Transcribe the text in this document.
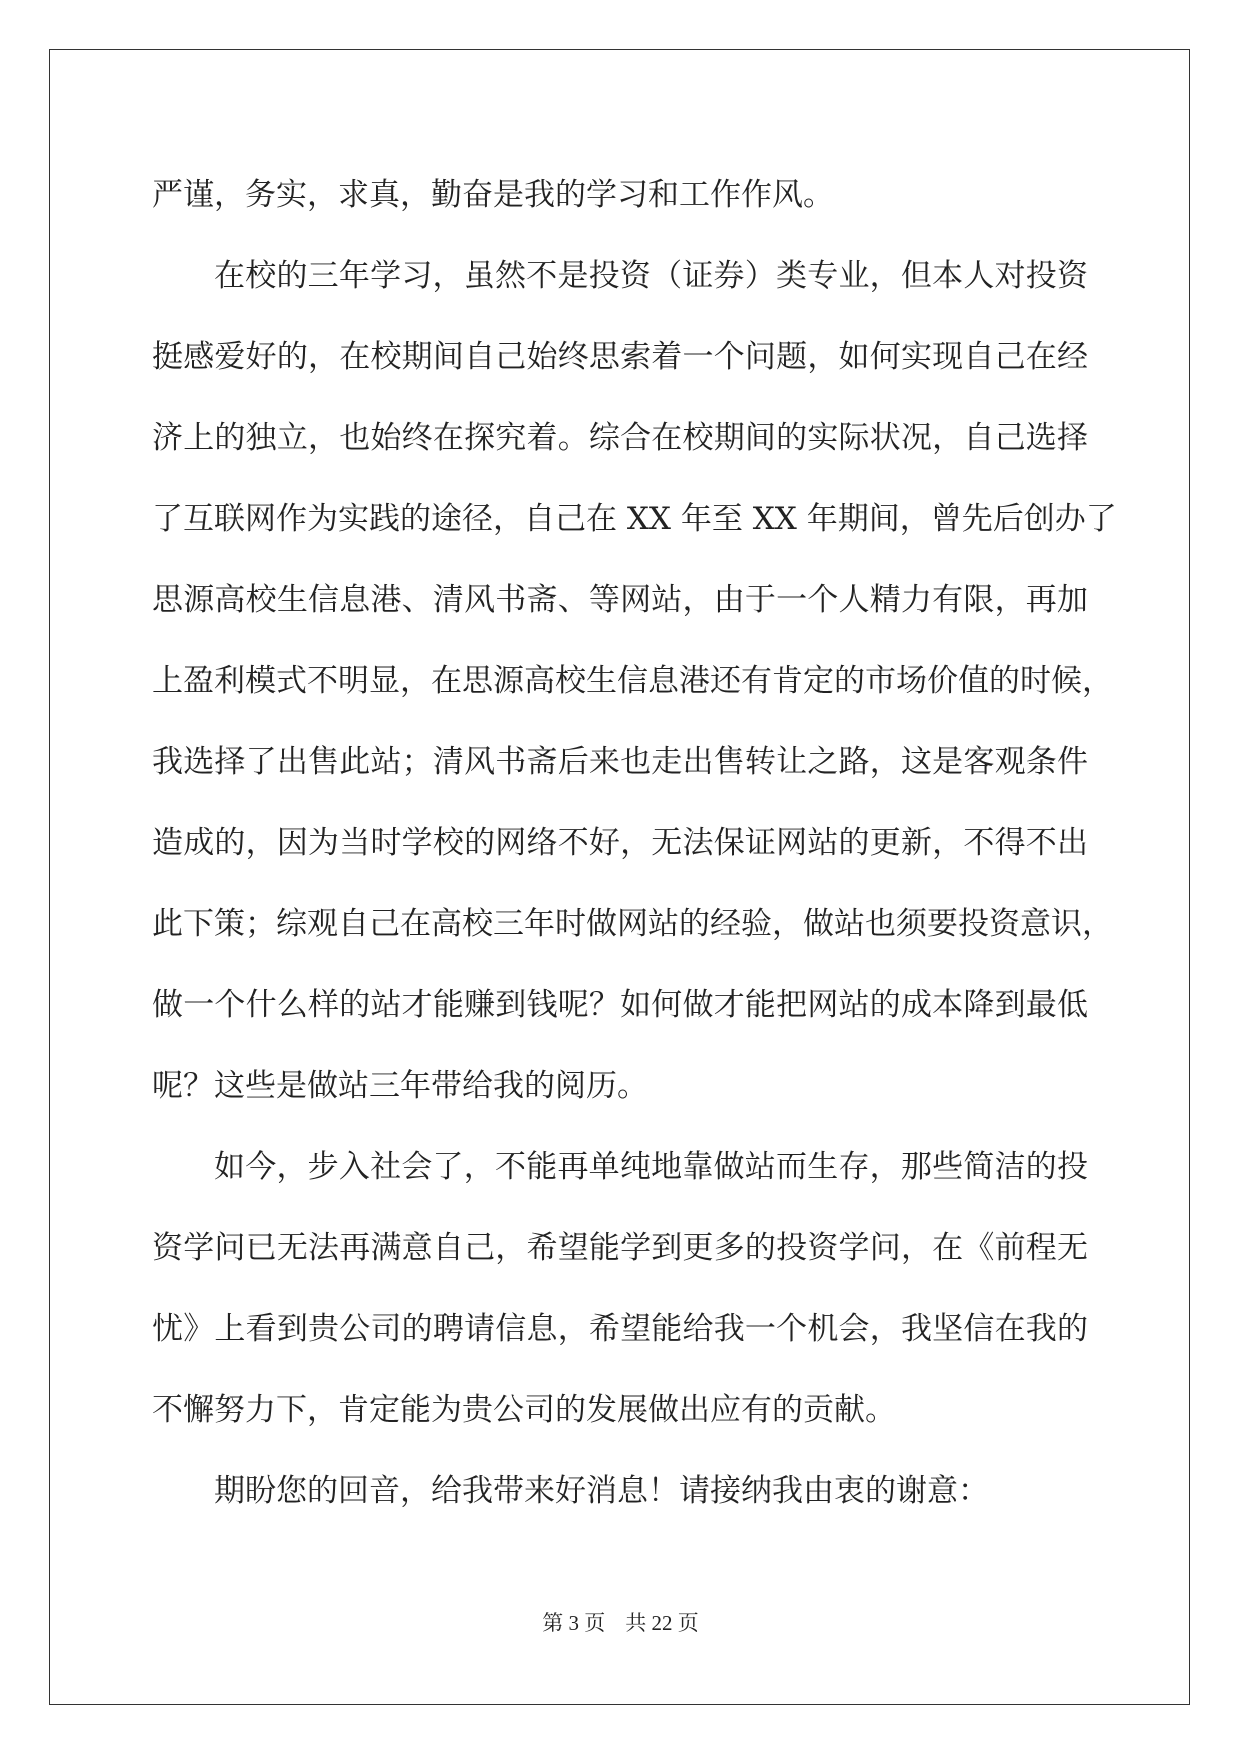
严谨，务实，求真，勤奋是我的学习和工作作风。
在校的三年学习，虽然不是投资（证券）类专业，但本人对投资
挺感爱好的，在校期间自己始终思索着一个问题，如何实现自己在经
济上的独立，也始终在探究着。综合在校期间的实际状况，自己选择
了互联网作为实践的途径，自己在 XX 年至 XX 年期间，曾先后创办了
思源高校生信息港、清风书斋、等网站，由于一个人精力有限，再加
上盈利模式不明显，在思源高校生信息港还有肯定的市场价值的时候，
我选择了出售此站；清风书斋后来也走出售转让之路，这是客观条件
造成的，因为当时学校的网络不好，无法保证网站的更新，不得不出
此下策；综观自己在高校三年时做网站的经验，做站也须要投资意识，
做一个什么样的站才能赚到钱呢？如何做才能把网站的成本降到最低
呢？这些是做站三年带给我的阅历。
如今，步入社会了，不能再单纯地靠做站而生存，那些简洁的投
资学问已无法再满意自己，希望能学到更多的投资学问，在《前程无
忧》上看到贵公司的聘请信息，希望能给我一个机会，我坚信在我的
不懈努力下，肯定能为贵公司的发展做出应有的贡献。
期盼您的回音，给我带来好消息！请接纳我由衷的谢意：
第 3 页 共 22 页
